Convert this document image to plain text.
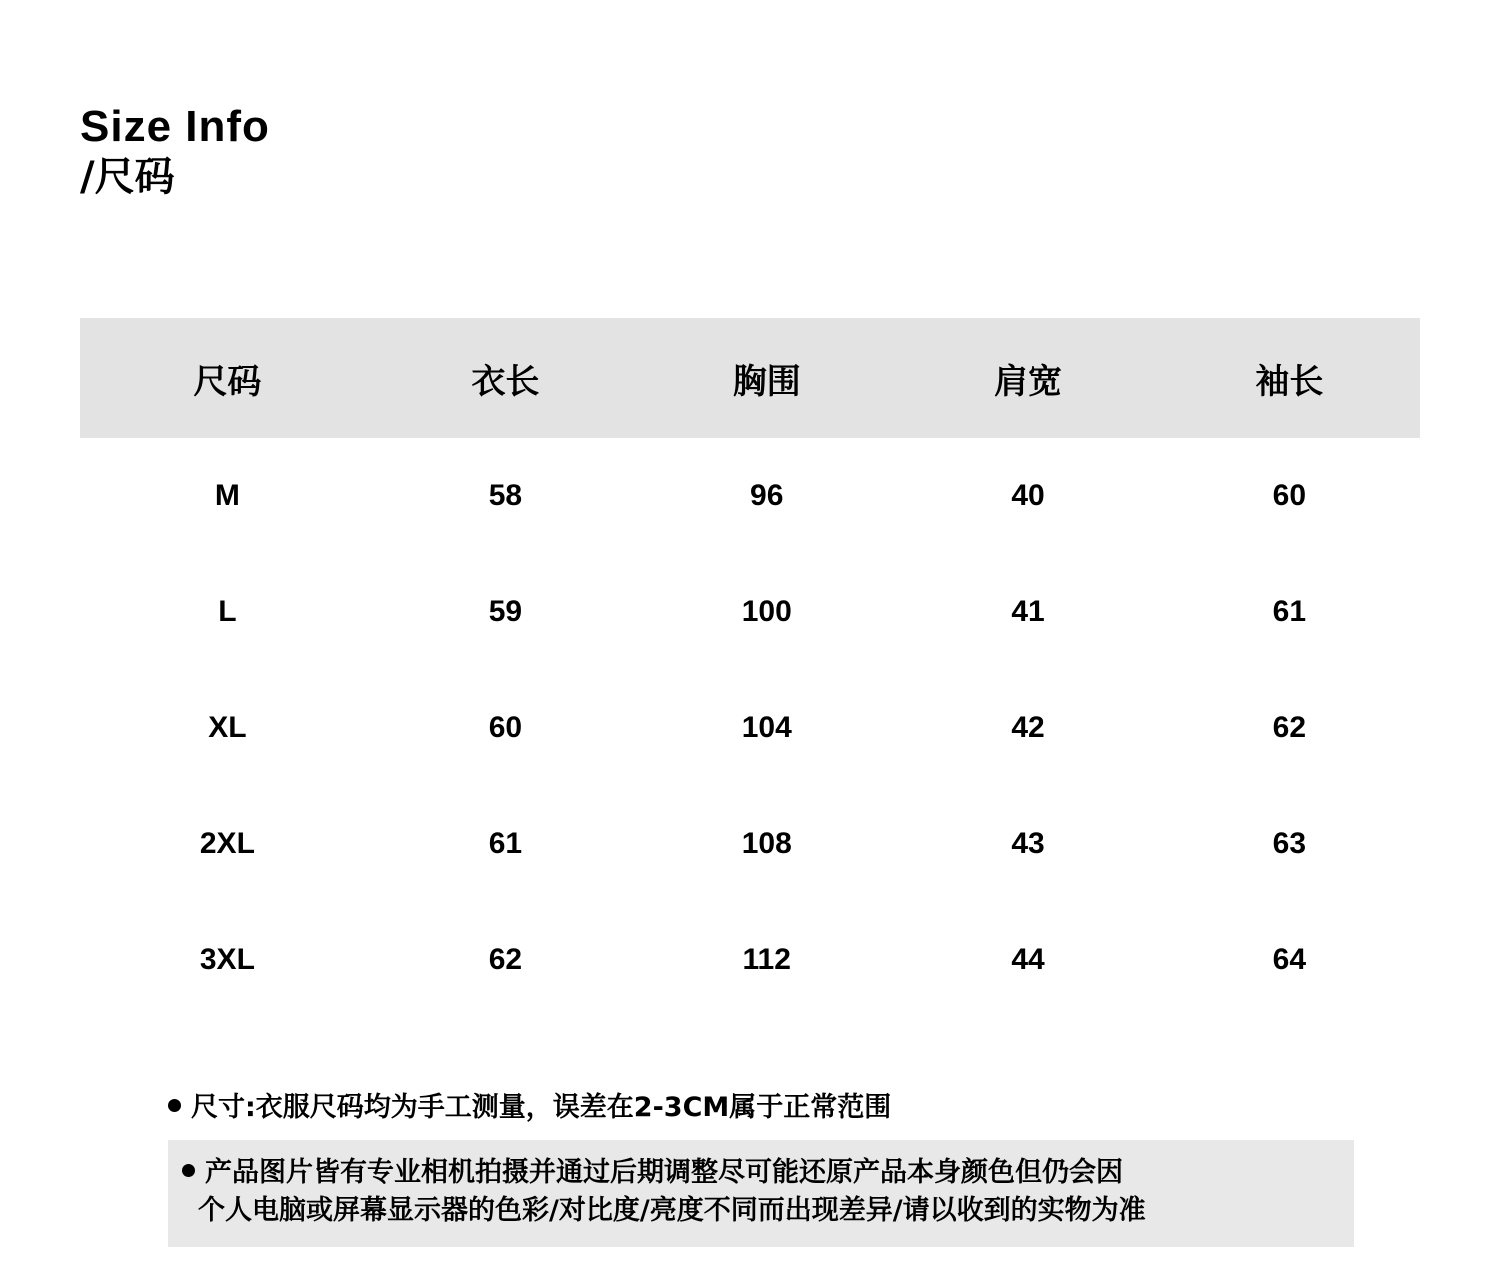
Size Info
/尺码
尺码	衣长	胸围	肩宽	袖长
M	58	96	40	60
L	59	100	41	61
XL	60	104	42	62
2XL	61	108	43	63
3XL	62	112	44	64
尺寸:衣服尺码均为手工测量，误差在2-3CM属于正常范围
产品图片皆有专业相机拍摄并通过后期调整尽可能还原产品本身颜色但仍会因
个人电脑或屏幕显示器的色彩/对比度/亮度不同而出现差异/请以收到的实物为准
